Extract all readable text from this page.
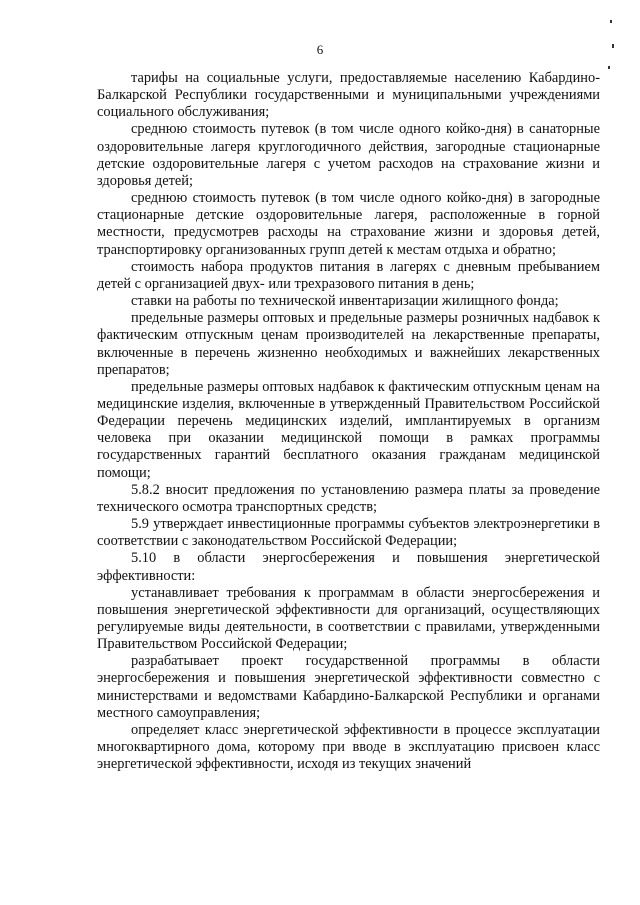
6

тарифы на социальные услуги, предоставляемые населению Кабардино-Балкарской Республики государственными и муниципальными учреждениями социального обслуживания;

среднюю стоимость путевок (в том числе одного койко-дня) в санаторные оздоровительные лагеря круглогодичного действия, загородные стационарные детские оздоровительные лагеря с учетом расходов на страхование жизни и здоровья детей;

среднюю стоимость путевок (в том числе одного койко-дня) в загородные стационарные детские оздоровительные лагеря, расположенные в горной местности, предусмотрев расходы на страхование жизни и здоровья детей, транспортировку организованных групп детей к местам отдыха и обратно;

стоимость набора продуктов питания в лагерях с дневным пребыванием детей с организацией двух- или трехразового питания в день;

ставки на работы по технической инвентаризации жилищного фонда;

предельные размеры оптовых и предельные размеры розничных надбавок к фактическим отпускным ценам производителей на лекарственные препараты, включенные в перечень жизненно необходимых и важнейших лекарственных препаратов;

предельные размеры оптовых надбавок к фактическим отпускным ценам на медицинские изделия, включенные в утвержденный Правительством Российской Федерации перечень медицинских изделий, имплантируемых в организм человека при оказании медицинской помощи в рамках программы государственных гарантий бесплатного оказания гражданам медицинской помощи;

5.8.2 вносит предложения по установлению размера платы за проведение технического осмотра транспортных средств;

5.9 утверждает инвестиционные программы субъектов электроэнергетики в соответствии с законодательством Российской Федерации;

5.10 в области энергосбережения и повышения энергетической эффективности:

устанавливает требования к программам в области энергосбережения и повышения энергетической эффективности для организаций, осуществляющих регулируемые виды деятельности, в соответствии с правилами, утвержденными Правительством Российской Федерации;

разрабатывает проект государственной программы в области энергосбережения и повышения энергетической эффективности совместно с министерствами и ведомствами Кабардино-Балкарской Республики и органами местного самоуправления;

определяет класс энергетической эффективности в процессе эксплуатации многоквартирного дома, которому при вводе в эксплуатацию присвоен класс энергетической эффективности, исходя из текущих значений
